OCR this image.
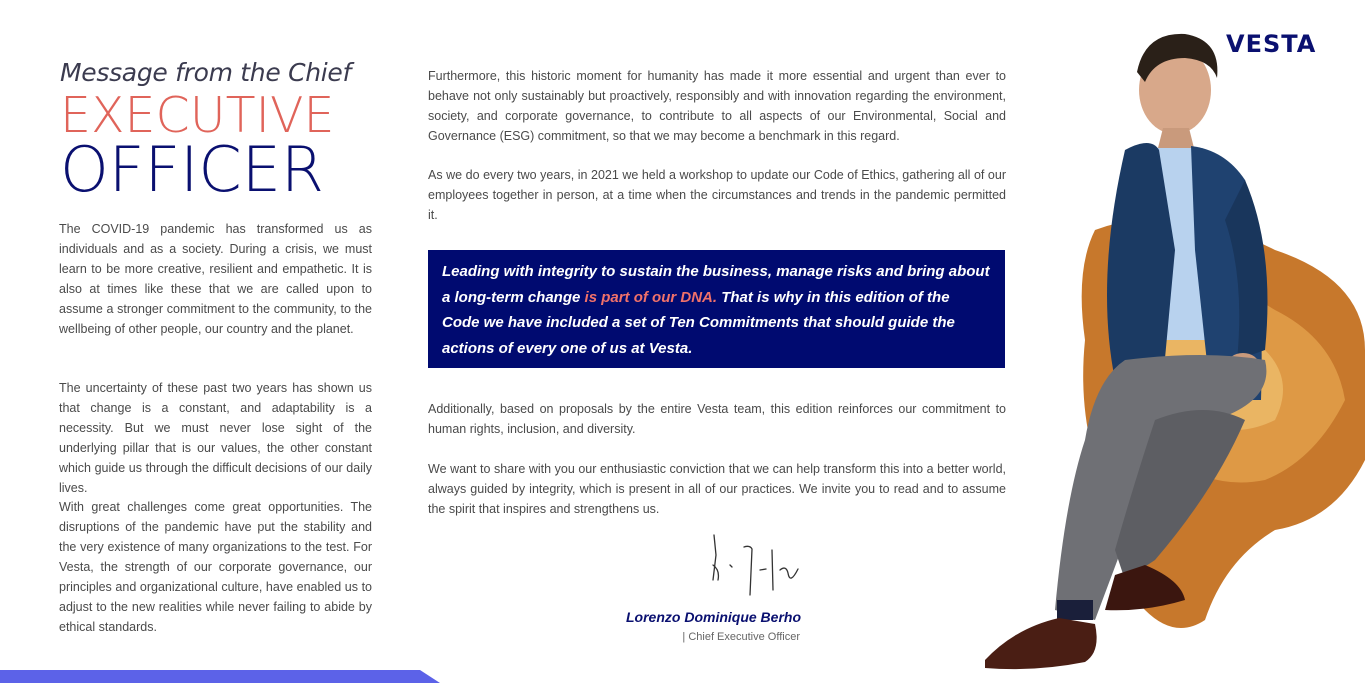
Message from the Chief
EXECUTIVE
OFFICER

The COVID-19 pandemic has transformed us as individuals and as a society. During a crisis, we must learn to be more creative, resilient and empathetic. It is also at times like these that we are called upon to assume a stronger commitment to the community, to the wellbeing of other people, our country and the planet.

The uncertainty of these past two years has shown us that change is a constant, and adaptability is a necessity. But we must never lose sight of the underlying pillar that is our values, the other constant which guide us through the difficult decisions of our daily lives.

With great challenges come great opportunities. The disruptions of the pandemic have put the stability and the very existence of many organizations to the test. For Vesta, the strength of our corporate governance, our principles and organizational culture, have enabled us to adjust to the new realities while never failing to abide by ethical standards.

Furthermore, this historic moment for humanity has made it more essential and urgent than ever to behave not only sustainably but proactively, responsibly and with innovation regarding the environment, society, and corporate governance, to contribute to all aspects of our Environmental, Social and Governance (ESG) commitment, so that we may become a benchmark in this regard.

As we do every two years, in 2021 we held a workshop to update our Code of Ethics, gathering all of our employees together in person, at a time when the circumstances and trends in the pandemic permitted it.

Leading with integrity to sustain the business, manage risks and bring about a long-term change is part of our DNA. That is why in this edition of the Code we have included a set of Ten Commitments that should guide the actions of every one of us at Vesta.

Additionally, based on proposals by the entire Vesta team, this edition reinforces our commitment to human rights, inclusion, and diversity.

We want to share with you our enthusiastic conviction that we can help transform this into a better world, always guided by integrity, which is present in all of our practices. We invite you to read and to assume the spirit that inspires and strengthens us.

Lorenzo Dominique Berho
| Chief Executive Officer
VESTA
